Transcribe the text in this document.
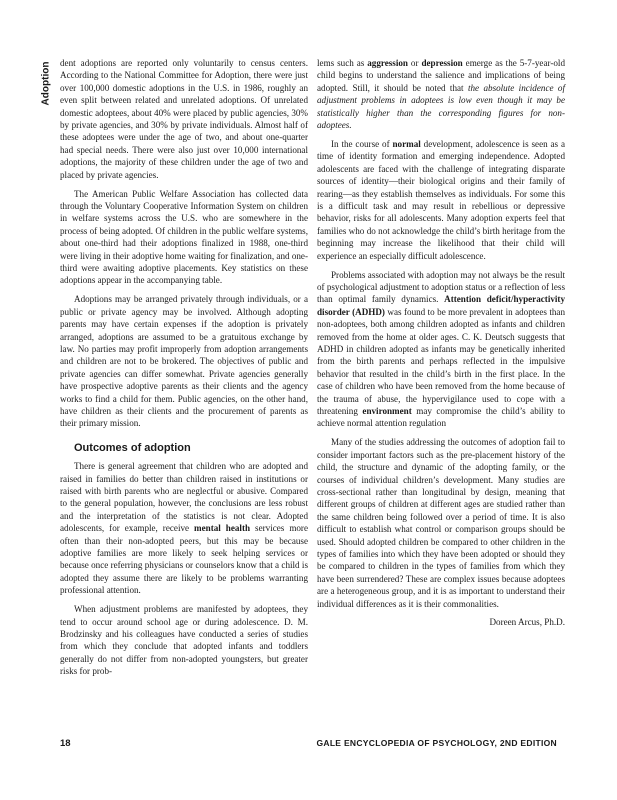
Adoption dent adoptions are reported only voluntarily to census centers. According to the National Committee for Adoption, there were just over 100,000 domestic adoptions in the U.S. in 1986, roughly an even split between related and unrelated adoptions. Of unrelated domestic adoptees, about 40% were placed by public agencies, 30% by private agencies, and 30% by private individuals. Almost half of these adoptees were under the age of two, and about one-quarter had special needs. There were also just over 10,000 international adoptions, the majority of these children under the age of two and placed by private agencies.

The American Public Welfare Association has collected data through the Voluntary Cooperative Information System on children in welfare systems across the U.S. who are somewhere in the process of being adopted. Of children in the public welfare systems, about one-third had their adoptions finalized in 1988, one-third were living in their adoptive home waiting for finalization, and one-third were awaiting adoptive placements. Key statistics on these adoptions appear in the accompanying table.

Adoptions may be arranged privately through individuals, or a public or private agency may be involved. Although adopting parents may have certain expenses if the adoption is privately arranged, adoptions are assumed to be a gratuitous exchange by law. No parties may profit improperly from adoption arrangements and children are not to be brokered. The objectives of public and private agencies can differ somewhat. Private agencies generally have prospective adoptive parents as their clients and the agency works to find a child for them. Public agencies, on the other hand, have children as their clients and the procurement of parents as their primary mission.

Outcomes of adoption

There is general agreement that children who are adopted and raised in families do better than children raised in institutions or raised with birth parents who are neglectful or abusive. Compared to the general population, however, the conclusions are less robust and the interpretation of the statistics is not clear. Adopted adolescents, for example, receive mental health services more often than their non-adopted peers, but this may be because adoptive families are more likely to seek helping services or because once referring physicians or counselors know that a child is adopted they assume there are likely to be problems warranting professional attention.

When adjustment problems are manifested by adoptees, they tend to occur around school age or during adolescence. D. M. Brodzinsky and his colleagues have conducted a series of studies from which they conclude that adopted infants and toddlers generally do not differ from non-adopted youngsters, but greater risks for prob-

lems such as aggression or depression emerge as the 5-7-year-old child begins to understand the salience and implications of being adopted. Still, it should be noted that the absolute incidence of adjustment problems in adoptees is low even though it may be statistically higher than the corresponding figures for non-adoptees.

In the course of normal development, adolescence is seen as a time of identity formation and emerging independence. Adopted adolescents are faced with the challenge of integrating disparate sources of identity—their biological origins and their family of rearing—as they establish themselves as individuals. For some this is a difficult task and may result in rebellious or depressive behavior, risks for all adolescents. Many adoption experts feel that families who do not acknowledge the child’s birth heritage from the beginning may increase the likelihood that their child will experience an especially difficult adolescence.

Problems associated with adoption may not always be the result of psychological adjustment to adoption status or a reflection of less than optimal family dynamics. Attention deficit/hyperactivity disorder (ADHD) was found to be more prevalent in adoptees than non-adoptees, both among children adopted as infants and children removed from the home at older ages. C. K. Deutsch suggests that ADHD in children adopted as infants may be genetically inherited from the birth parents and perhaps reflected in the impulsive behavior that resulted in the child’s birth in the first place. In the case of children who have been removed from the home because of the trauma of abuse, the hypervigilance used to cope with a threatening environment may compromise the child’s ability to achieve normal attention regulation

Many of the studies addressing the outcomes of adoption fail to consider important factors such as the pre-placement history of the child, the structure and dynamic of the adopting family, or the courses of individual children’s development. Many studies are cross-sectional rather than longitudinal by design, meaning that different groups of children at different ages are studied rather than the same children being followed over a period of time. It is also difficult to establish what control or comparison groups should be used. Should adopted children be compared to other children in the types of families into which they have been adopted or should they be compared to children in the types of families from which they have been surrendered? These are complex issues because adoptees are a heterogeneous group, and it is as important to understand their individual differences as it is their commonalities.

Doreen Arcus, Ph.D.

18	GALE ENCYCLOPEDIA OF PSYCHOLOGY, 2ND EDITION
